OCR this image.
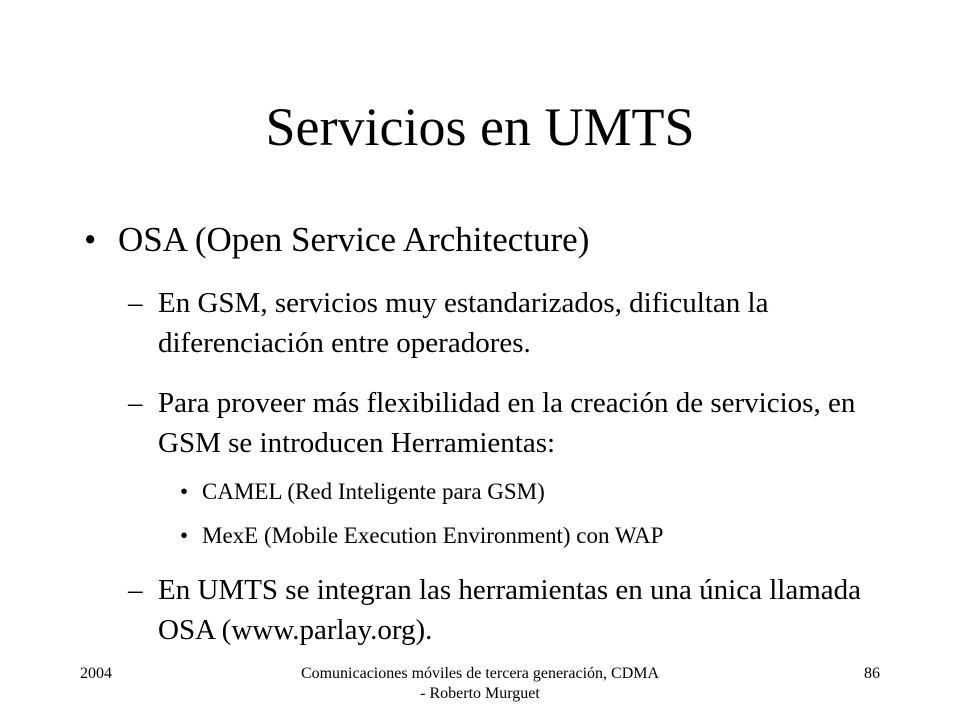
Servicios en UMTS
• OSA (Open Service Architecture)
– En GSM, servicios muy estandarizados, dificultan la diferenciación entre operadores.
– Para proveer más flexibilidad en la creación de servicios, en GSM se introducen Herramientas:
• CAMEL (Red Inteligente para GSM)
• MexE (Mobile Execution Environment) con WAP
– En UMTS se integran las herramientas en una única llamada OSA (www.parlay.org).
2004	Comunicaciones móviles de tercera generación, CDMA - Roberto Murguet
86
